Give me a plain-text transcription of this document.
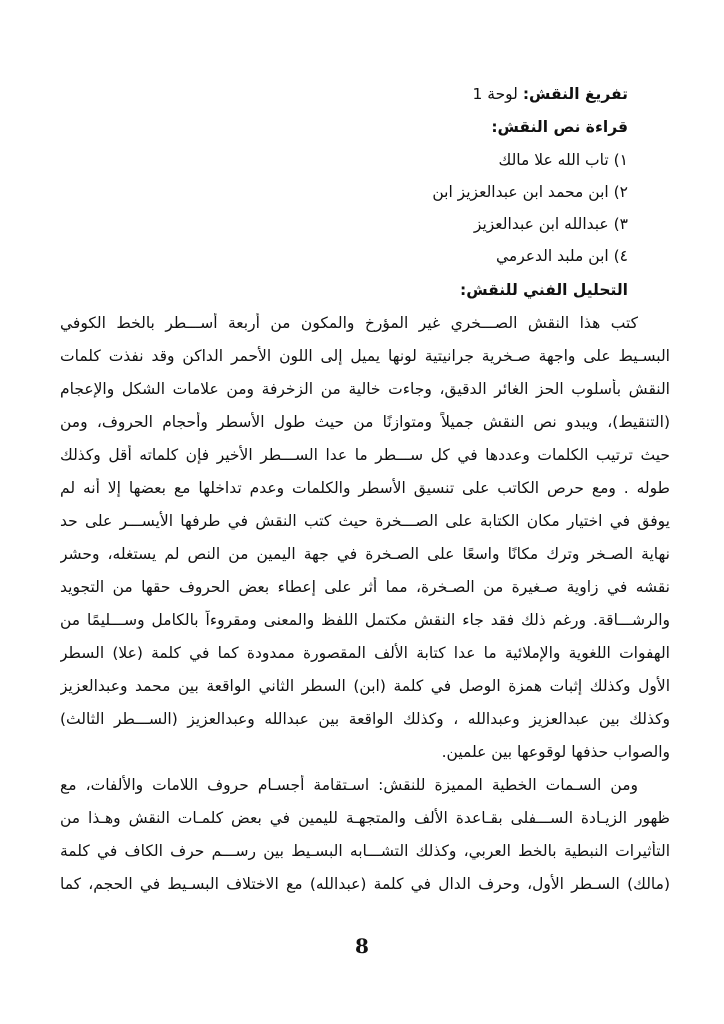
تفريغ النقش: لوحة 1
قراءة نص النقش:
١) تاب الله علا مالك
٢) ابن محمد ابن عبدالعزيز ابن
٣) عبدالله ابن عبدالعزيز
٤) ابن ملبد الدعرمي
التحليل الفني للنقش:
كتب هذا النقش الصـــخري غير المؤرخ والمكون من أربعة أســـطر بالخط الكوفي
البسـيط على واجهة صـخرية جرانيتية لونها يميل إلى اللون الأحمر الداكن وقد نفذت كلمات
النقش بأسلوب الحز الغائر الدقيق، وجاءت خالية من الزخرفة ومن علامات الشكل والإعجام
(التنقيط)، ويبدو نص النقش جميلاً ومتوازنًا من حيث طول الأسطر وأحجام الحروف، ومن
حيث ترتيب الكلمات وعددها في كل ســـطر ما عدا الســـطر الأخير فإن كلماته أقل وكذلك
طوله . ومع حرص الكاتب على تنسيق الأسطر والكلمات وعدم تداخلها مع بعضها إلا أنه لم
يوفق في اختيار مكان الكتابة على الصـــخرة حيث كتب النقش في طرفها الأيســـر على حد
نهاية الصـخر وترك مكانًا واسعًا على الصـخرة في جهة اليمين من النص لم يستغله، وحشر
نقشه في زاوية صـغيرة من الصـخرة، مما أثر على إعطاء بعض الحروف حقها من التجويد
والرشـــاقة. ورغم ذلك فقد جاء النقش مكتمل اللفظ والمعنى ومقروءاً بالكامل وســـليمًا من
الهفوات اللغوية والإملائية ما عدا كتابة الألف المقصورة ممدودة كما في كلمة (علا) السطر
الأول وكذلك إثبات همزة الوصل في كلمة (ابن) السطر الثاني الواقعة بين محمد وعبدالعزيز
وكذلك بين عبدالعزيز وعبدالله ، وكذلك الواقعة بين عبدالله وعبدالعزيز (الســـطر الثالث)
والصواب حذفها لوقوعها بين علمين.
ومن السـمات الخطية المميزة للنقش: اسـتقامة أجسـام حروف اللامات والألفات، مع
ظهور الزيـادة الســـفلى بقـاعدة الألف والمتجهـة لليمين في بعض كلمـات النقش وهـذا من
التأثيرات النبطية بالخط العربي، وكذلك التشـــابه البسـيط بين رســـم حرف الكاف في كلمة
(مالك) السـطر الأول، وحرف الدال في كلمة (عبدالله) مع الاختلاف البسـيط في الحجم، كما
8
